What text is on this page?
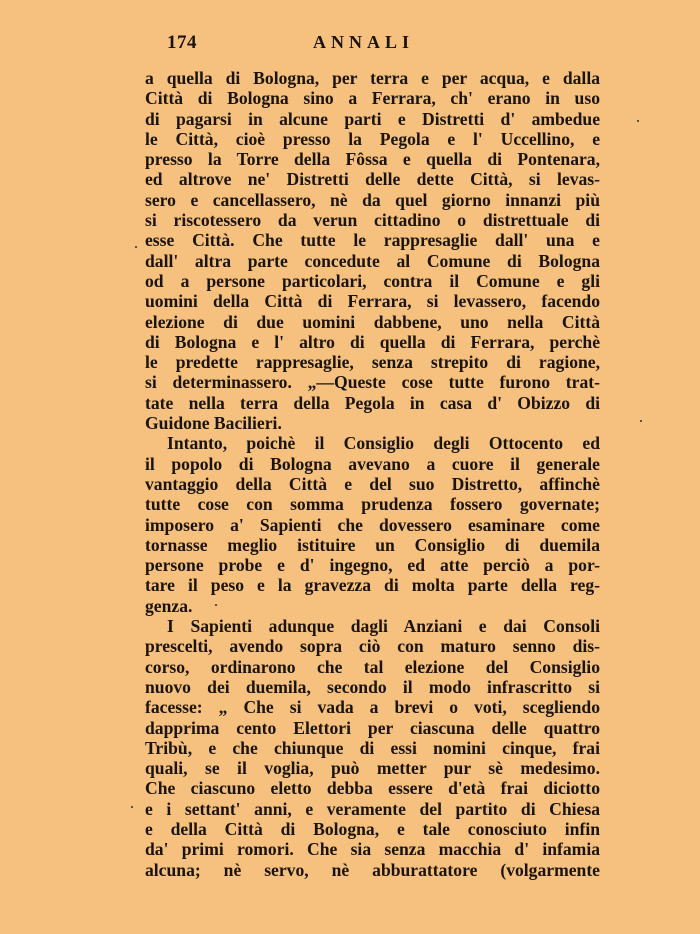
174	ANNALI
a quella di Bologna, per terra e per acqua, e dalla
Città di Bologna sino a Ferrara, ch' erano in uso
di pagarsi in alcune parti e Distretti d' ambedue
le Città, cioè presso la Pegola e l' Uccellino, e
presso la Torre della Fôssa e quella di Pontenara,
ed altrove ne' Distretti delle dette Città, si levas-
sero e cancellassero, nè da quel giorno innanzi più
si riscotessero da verun cittadino o distrettuale di
esse Città. Che tutte le rappresaglie dall' una e
dall' altra parte concedute al Comune di Bologna
od a persone particolari, contra il Comune e gli
uomini della Città di Ferrara, si levassero, facendo
elezione di due uomini dabbene, uno nella Città
di Bologna e l' altro di quella di Ferrara, perchè
le predette rappresaglie, senza strepito di ragione,
si determinassero. „—Queste cose tutte furono trat-
tate nella terra della Pegola in casa d' Obizzo di
Guidone Bacilieri.
Intanto, poichè il Consiglio degli Ottocento ed
il popolo di Bologna avevano a cuore il generale
vantaggio della Città e del suo Distretto, affinchè
tutte cose con somma prudenza fossero governate;
imposero a' Sapienti che dovessero esaminare come
tornasse meglio istituire un Consiglio di duemila
persone probe e d' ingegno, ed atte perciò a por-
tare il peso e la gravezza di molta parte della reg-
genza.
I Sapienti adunque dagli Anziani e dai Consoli
prescelti, avendo sopra ciò con maturo senno dis-
corso, ordinarono che tal elezione del Consiglio
nuovo dei duemila, secondo il modo infrascritto si
facesse: „ Che si vada a brevi o voti, scegliendo
dapprima cento Elettori per ciascuna delle quattro
Tribù, e che chiunque di essi nomini cinque, frai
quali, se il voglia, può metter pur sè medesimo.
Che ciascuno eletto debba essere d'età frai diciotto
e i settant' anni, e veramente del partito di Chiesa
e della Città di Bologna, e tale conosciuto infin
da' primi romori. Che sia senza macchia d' infamia
alcuna; nè servo, nè abburattatore (volgarmente
